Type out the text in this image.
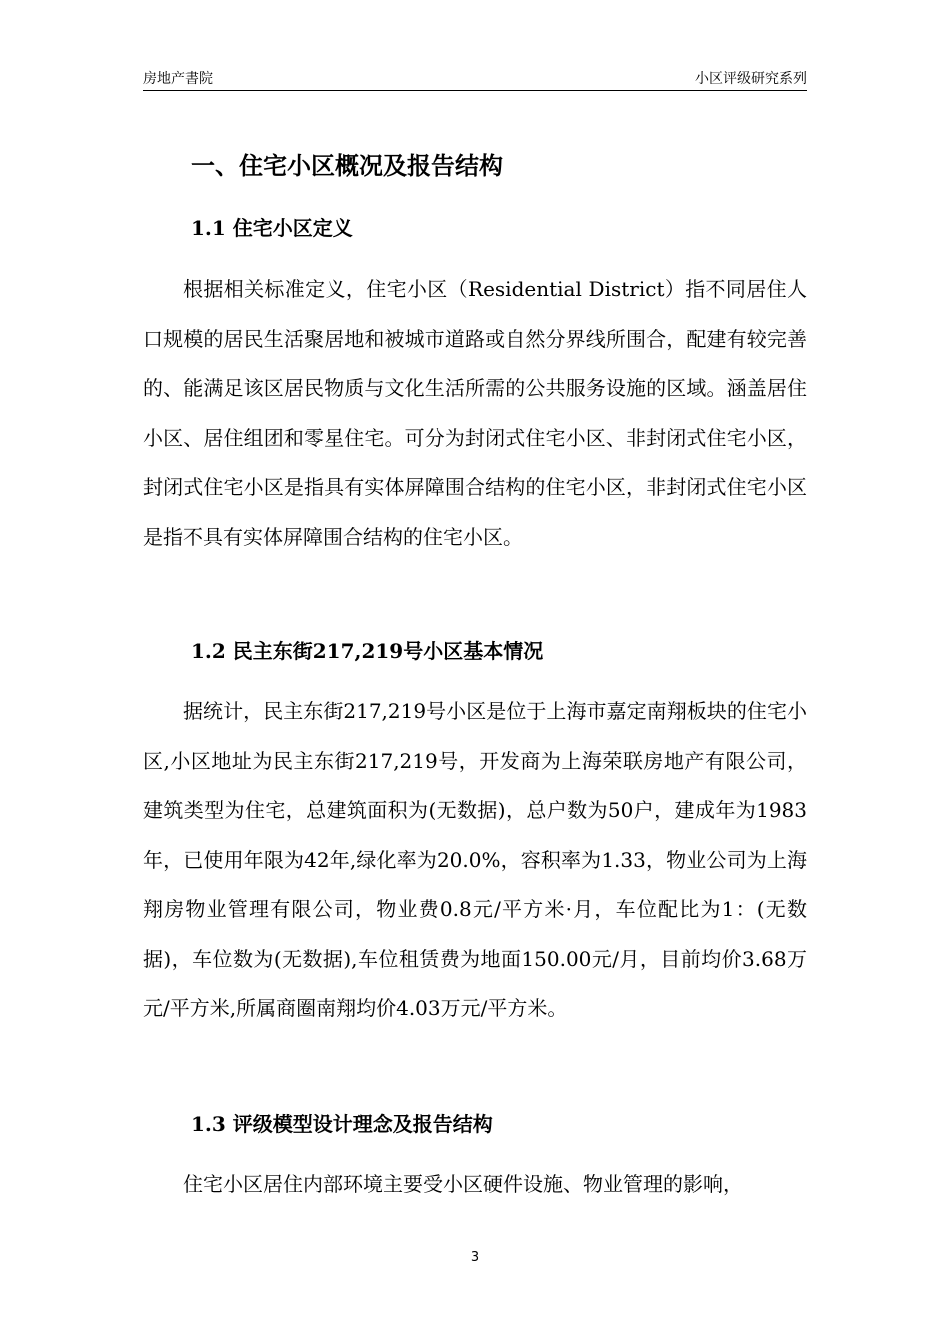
房地产書院	小区评级研究系列
一、住宅小区概况及报告结构
1.1 住宅小区定义
根据相关标准定义，住宅小区（Residential District）指不同居住人口规模的居民生活聚居地和被城市道路或自然分界线所围合，配建有较完善的、能满足该区居民物质与文化生活所需的公共服务设施的区域。涵盖居住小区、居住组团和零星住宅。可分为封闭式住宅小区、非封闭式住宅小区，封闭式住宅小区是指具有实体屏障围合结构的住宅小区，非封闭式住宅小区是指不具有实体屏障围合结构的住宅小区。
1.2 民主东街217,219号小区基本情况
据统计，民主东街217,219号小区是位于上海市嘉定南翔板块的住宅小区,小区地址为民主东街217,219号，开发商为上海荣联房地产有限公司，建筑类型为住宅，总建筑面积为(无数据)，总户数为50户，建成年为1983年，已使用年限为42年,绿化率为20.0%，容积率为1.33，物业公司为上海翔房物业管理有限公司，物业费0.8元/平方米·月，车位配比为1：(无数据)，车位数为(无数据),车位租赁费为地面150.00元/月，目前均价3.68万元/平方米,所属商圈南翔均价4.03万元/平方米。
1.3 评级模型设计理念及报告结构
住宅小区居住内部环境主要受小区硬件设施、物业管理的影响，
3
